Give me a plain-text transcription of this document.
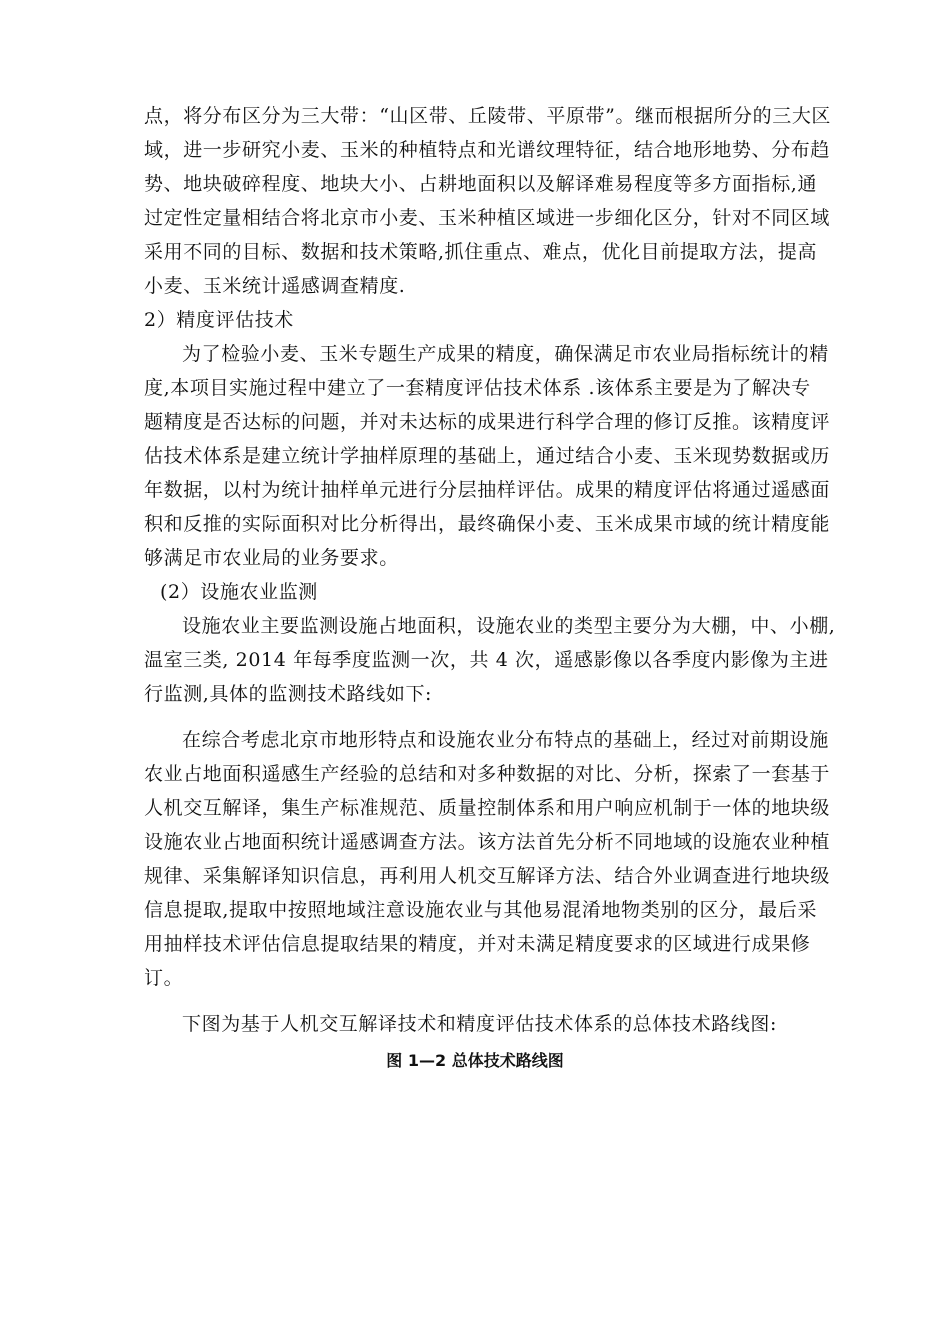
点，将分布区分为三大带：“山区带、丘陵带、平原带”。继而根据所分的三大区
域，进一步研究小麦、玉米的种植特点和光谱纹理特征，结合地形地势、分布趋
势、地块破碎程度、地块大小、占耕地面积以及解译难易程度等多方面指标,通
过定性定量相结合将北京市小麦、玉米种植区域进一步细化区分，针对不同区域
采用不同的目标、数据和技术策略,抓住重点、难点，优化目前提取方法，提高
小麦、玉米统计遥感调查精度.
2）精度评估技术
为了检验小麦、玉米专题生产成果的精度，确保满足市农业局指标统计的精
度,本项目实施过程中建立了一套精度评估技术体系 .该体系主要是为了解决专
题精度是否达标的问题，并对未达标的成果进行科学合理的修订反推。该精度评
估技术体系是建立统计学抽样原理的基础上，通过结合小麦、玉米现势数据或历
年数据，以村为统计抽样单元进行分层抽样评估。成果的精度评估将通过遥感面
积和反推的实际面积对比分析得出，最终确保小麦、玉米成果市域的统计精度能
够满足市农业局的业务要求。
(2）设施农业监测
设施农业主要监测设施占地面积，设施农业的类型主要分为大棚，中、小棚,
温室三类, 2014 年每季度监测一次，共 4 次，遥感影像以各季度内影像为主进
行监测,具体的监测技术路线如下:
在综合考虑北京市地形特点和设施农业分布特点的基础上，经过对前期设施
农业占地面积遥感生产经验的总结和对多种数据的对比、分析，探索了一套基于
人机交互解译，集生产标准规范、质量控制体系和用户响应机制于一体的地块级
设施农业占地面积统计遥感调查方法。该方法首先分析不同地域的设施农业种植
规律、采集解译知识信息，再利用人机交互解译方法、结合外业调查进行地块级
信息提取,提取中按照地域注意设施农业与其他易混淆地物类别的区分，最后采
用抽样技术评估信息提取结果的精度，并对未满足精度要求的区域进行成果修
订。
下图为基于人机交互解译技术和精度评估技术体系的总体技术路线图:
图 1—2 总体技术路线图
